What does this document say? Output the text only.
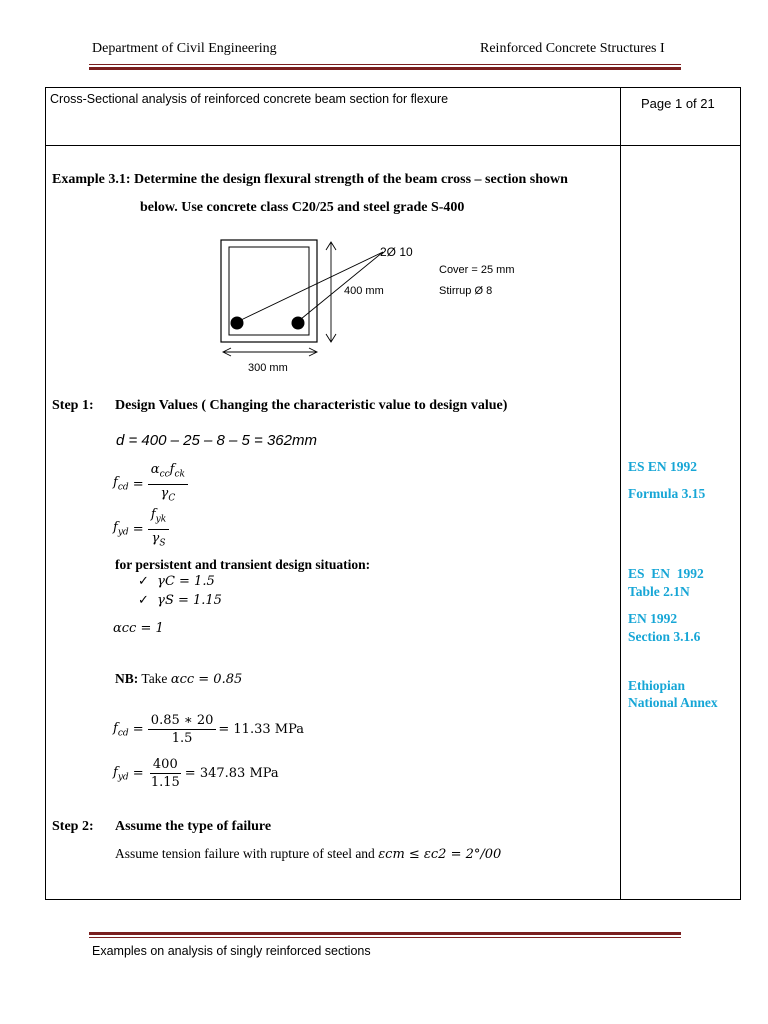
Department of Civil Engineering	Reinforced Concrete Structures I
Cross-Sectional analysis of reinforced concrete beam section for flexure	Page 1 of 21
Example 3.1: Determine the design flexural strength of the beam cross – section shown
below. Use concrete class C20/25 and steel grade S-400
2Ø 10
400 mm
Cover = 25 mm
Stirrup Ø 8
300 mm
Step 1: Design Values ( Changing the characteristic value to design value)
d = 400 – 25 – 8 – 5 = 362mm
$f_{cd} = \frac{\alpha_{cc}f_{ck}}{\gamma_C}$
$f_{yd} = \frac{f_{yk}}{\gamma_S}$
for persistent and transient design situation:
✓  γC = 1.5
✓  γS = 1.15
αcc = 1
NB: Take αcc = 0.85
$f_{cd} = \frac{0.85 ∗ 20}{1.5} = 11.33$ MPa
$f_{yd} = \frac{400}{1.15} = 347.83$ MPa
Step 2: Assume the type of failure
Assume tension failure with rupture of steel and εcm ≤ εc2 = 2°/00
ES EN 1992
Formula 3.15
ES  EN  1992
Table 2.1N
EN 1992
Section 3.1.6
Ethiopian
National Annex
Examples on analysis of singly reinforced sections
